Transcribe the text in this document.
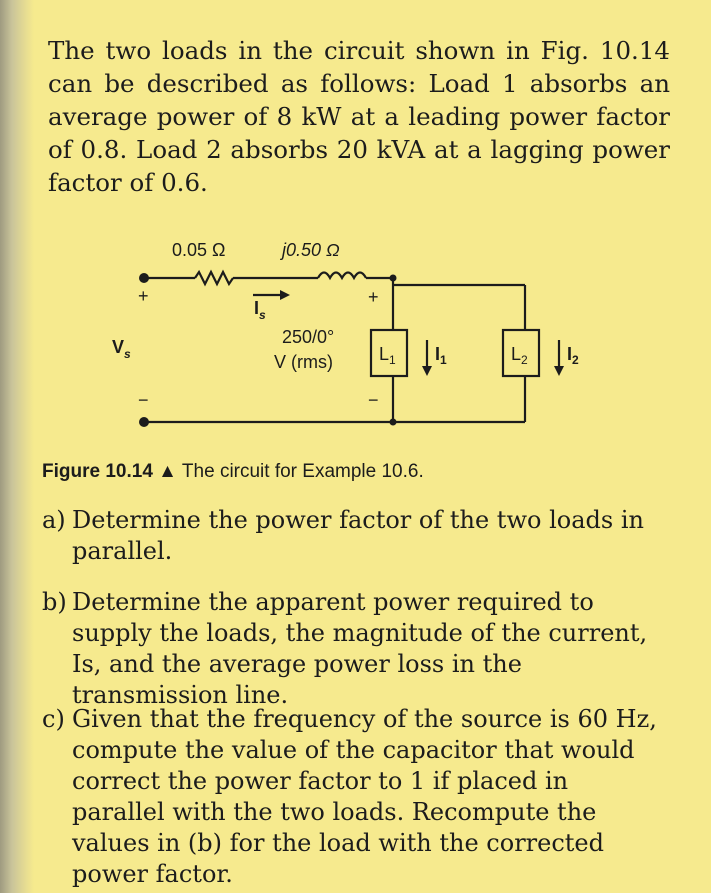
The two loads in the circuit shown in Fig. 10.14 can be described as follows: Load 1 absorbs an average power of 8 kW at a leading power factor of 0.8. Load 2 absorbs 20 kVA at a lagging power factor of 0.6.
0.05 Ω	j0.50 Ω
$I_s$
+
$V_s$
−
+
−
250/0°
V (rms)	$L_1$	$L_2$
$I_1$	$I_2$
Figure 10.14 ▲ The circuit for Example 10.6.
a) Determine the power factor of the two loads in parallel.
b) Determine the apparent power required to supply the loads, the magnitude of the current, Is, and the average power loss in the transmission line.
c) Given that the frequency of the source is 60 Hz, compute the value of the capacitor that would correct the power factor to 1 if placed in parallel with the two loads. Recompute the values in (b) for the load with the corrected power factor.
